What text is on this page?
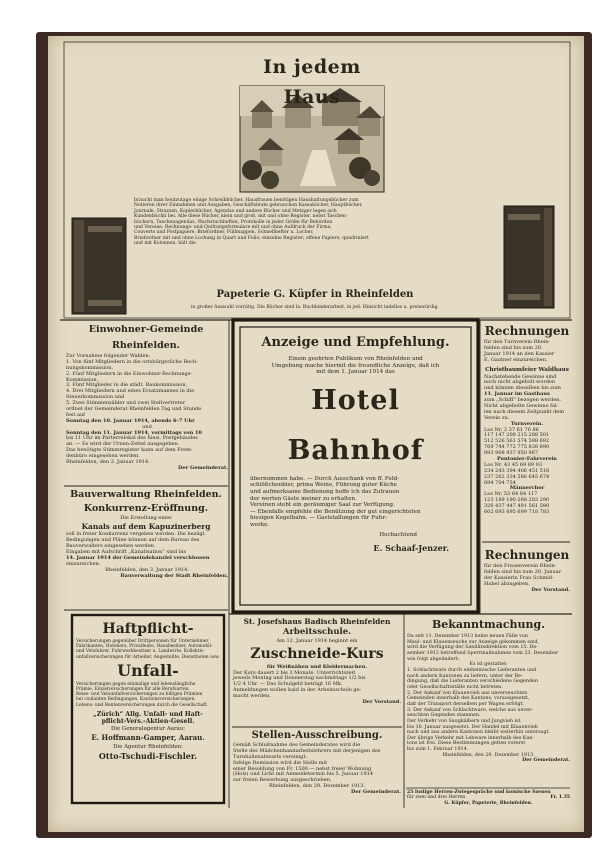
In jedem Haus
braucht man heutzutage einige Schreibbücher. Hausfrauen benötigen Haushaltungsbücher zum
Notieren ihrer Einnahmen und Ausgaben, Geschäftsleute gebrauchen Kassabücher, Hauptbücher,
Journale, Strazzen, Kopierbücher, Agendas und andere Bücher und Metzger legen sich
Kundenbüchli bei. Alle diese Bücher, klein und groß, mit und ohne Register, nebst Taschen-
büchern, Taschenagendas, Wachstuchheften, Protokolle in jeder Größe für Behörden
und Vereine, Rechnungs- und Quittungsformulare mit und ohne Aufdruck der Firma,
Couverts und Postpapiere, Briefordner, Füllmappen, Schnellhefter u. Locher,
Briefordner mit und ohne Lochung in Quart und Folio; einzelne Register; offene Papiere, quadriniert
und mit Kolonnen, hält die
Papeterie G. Küpfer in Rheinfelden
in großer Auswahl vorrätig. Die Bücher sind la. Buchbinderarbeit, in jed. Hinsicht tadellos u. preiswürdig.
Einwohner-Gemeinde Rheinfelden.
Zur Vornahme folgender Wahlen:
1. Von fünf Mitgliedern in die ortsbürgerliche Rech-
nungskommission,
2. Fünf Mitgliedern in die Einwohner-Rechnungs-
Kommission,
3. Fünf Mitglieder in die städt. Baukommission,
4. Drei Mitgliedern und eines Ersatzmannes in die
Steuerkommission und
5. Zwei Stimmenzähler und zwei Stellvertreter
ordnet der Gemeinderat Rheinfelden Tag und Stunde
fest auf
Sonntag den 10. Januar 1914, abends 6–7 Uhr
und
Sonntag den 11. Januar 1914, vormittags von 10
bis 11 Uhr im Parterrelokal des hiesi. Postgebäudes
an. — Es wird der Urnen-Zettel ausgegeben.
Das benötigte Stimmregister kann auf dem Frem-
denbüro eingesehen werden.
Rheinfelden, den 2. Januar 1914.
Der Gemeinderat.
Bauverwaltung Rheinfelden.
Konkurrenz-Eröffnung.
Die Erstellung eines
Kanals auf dem Kapuzinerberg
soll in freier Konkurrenz vergeben werden. Die bezügl.
Bedingungen und Pläne können auf dem Bureau des
Bauverwalters eingesehen werden.
Eingaben mit Aufschrift „Kanalisation“ sind bis
14. Januar 1914 der Gemeindekanzlei verschlossen
einzureichen.
Rheinfelden, den 3. Januar 1914.
Bauverwaltung der Stadt Rheinfelden.
Anzeige und Empfehlung.
Einem geehrten Publikum von Rheinfelden und
Umgebung mache hiermit die freundliche Anzeige, daß ich
mit dem 1. Januar 1914 das
Hotel Bahnhof
übernommen habe. — Durch Ausschank von ff. Feld-
schlößchenbier, prima Weine, Führung guter Küche
und aufmerksame Bedienung hoffe ich das Zutrauen
der werten Gäste meiner zu erhalten.
Vereinen steht ein geräumiger Saal zur Verfügung.
— Ebenfalls empfehle die Benützung der gut eingerichteten
hiesigen Kegelbahn. — Gaststallungen für Fuhr-
werke.
Hochachtend
E. Schaaf-Jenzer.
Rechnungen
für den Turnverein Rhein-
felden sind bis zum 20.
Januar 1914 an den Kassier
E. Gautner einzureichen.
Christbaumfeier Waldhaus
Nachstehende Gewinne sind
noch nicht abgeholt worden
und können dieselben bis zum
11. Januar im Gasthaus
zum „Schiff“ bezogen werden.
Nicht abgeholte Gewinne fal-
len nach diesem Zeitpunkt dem
Verein zu.
Turnverein.
Los Nr. 2 37 61 76 86
117 147 208 215 288 501
512 526 561 574 588 692
769 744 772 775 838 890
893 908 937 950 967
Pontonier-Fahrverein
Los Nr. 43 45 69 89 93
234 243 394 406 451 518
237 262 334 586 645 674
694 704 754
Männerchor
Los Nr. 53 64 84 117
123 189 190 268 283 290
326 437 447 491 561 580
602 693 695 699 718 783
Rechnungen
für den Frauenverein Rhein-
felden sind bis zum 20. Januar
der Kassierin Frau Schmid-
Habel abzugeben.
Der Vorstand.
Haftpflicht-
Versicherungen gegenüber Drittpersonen für Unternehmer,
Fabrikanten, Hoteliers, Privatleute, Hausbesitzer, Automobil-
und Velofahrer, Fuhrwerkbesitzer u. Landwirte. Kollektiv-
unfallversicherungen für Arbeiter, Angestellte, Dienstboten usw.
Unfall-
Versicherungen gegen einmalige und lebenslängliche
Prämie, Einzelversicherungen für alle Berufsarten,
Reise- und Velounfallversicherungen zu billigen Prämien
bei coulanten Bedingungen, Kautionsversicherungen,
Lebens- und Rentenversicherungen durch die Gesellschaft.
„Zürich“ Allg. Unfall- und Haft-
pflicht-Vers.-Aktien-Gesell.
Die Generalagentur Aarau:
E. Hoffmann-Gamper, Aarau.
Die Agentur Rheinfelden:
Otto-Tschudi-Fischler.
St. Josefshaus Badisch Rheinfelden
Arbeitsschule.
Am 12. Januar 1914 beginnt ein
Zuschneide-Kurs
für Weißnähen und Kleidermachen.
Der Kurs dauert 2 bis 3 Monate. Unterrichtszeit
jeweils Montag und Donnerstag nachmittags 1/2 bis
1/2 4 Uhr. — Das Schulgeld beträgt 16 Mk.
Anmeldungen wollen bald in der Arbeitsschule ge-
macht werden.
Der Vorstand.
Stellen-Ausschreibung.
Gemäß Schlußnahme des Gemeinderates wird die
Stelle des Mädchenhandarbeitslehrers mit derjenigen des
Turnhallenabwarts vereinigt.
Infolge Demission wird die Stelle mit
einer Besoldung von Fr. 1500.— nebst freier Wohnung
(Holz) und Licht mit Anmeldetermin bis 5. Januar 1914
zur freien Bewerbung ausgeschrieben.
Rheinfelden, den 29. Dezember 1913.
Der Gemeinderat.
Bekanntmachung.
Da seit 11. Dezember 1913 keine neuen Fälle von
Maul- und Klauenseuche zur Anzeige gekommen sind,
wird die Verfügung der Sanitätsdirektion vom 15. De-
zember 1913 betreffend Sperrmaßnahmen vom 23. Dezember
wie folgt abgeändert:
Es ist gestattet:
1. Schlachtware durch einheimische Lieferanten und
nach andern Kantonen zu liefern, unter der Be-
dingung, daß die Lieferanten verschiedene Gegenden
oder Gesellschaftsställe nicht betreten.
2. Der Ankauf von Klauenvieh aus unverseuchten
Gemeinden innerhalb des Kantons, vorausgesetzt,
daß der Transport derselben per Wagen erfolgt.
3. Der Ankauf von Schlachtware, welche aus unver-
seuchten Gegenden stammen.
Der Verkehr von Saugkälbern und Jungvieh ist
bis 10. Januar ausgesetzt. Der Handel mit Klauenvieh
nach und aus andern Kantonen bleibt weiterhin untersagt.
Der übrige Verkehr mit Lebware innerhalb des Kan-
tons ist frei. Diese Bestimmungen gelten vorerst
bis zum 1. Februar 1914.
Rheinfelden, den 29. Dezember 1913.
Der Gemeinderat.
25 lustige Herren-Zwiegespräche und komische Szenen
für zwei und drei Herren	Fr. 1.35
G. Küpfer, Papeterie, Rheinfelden.
